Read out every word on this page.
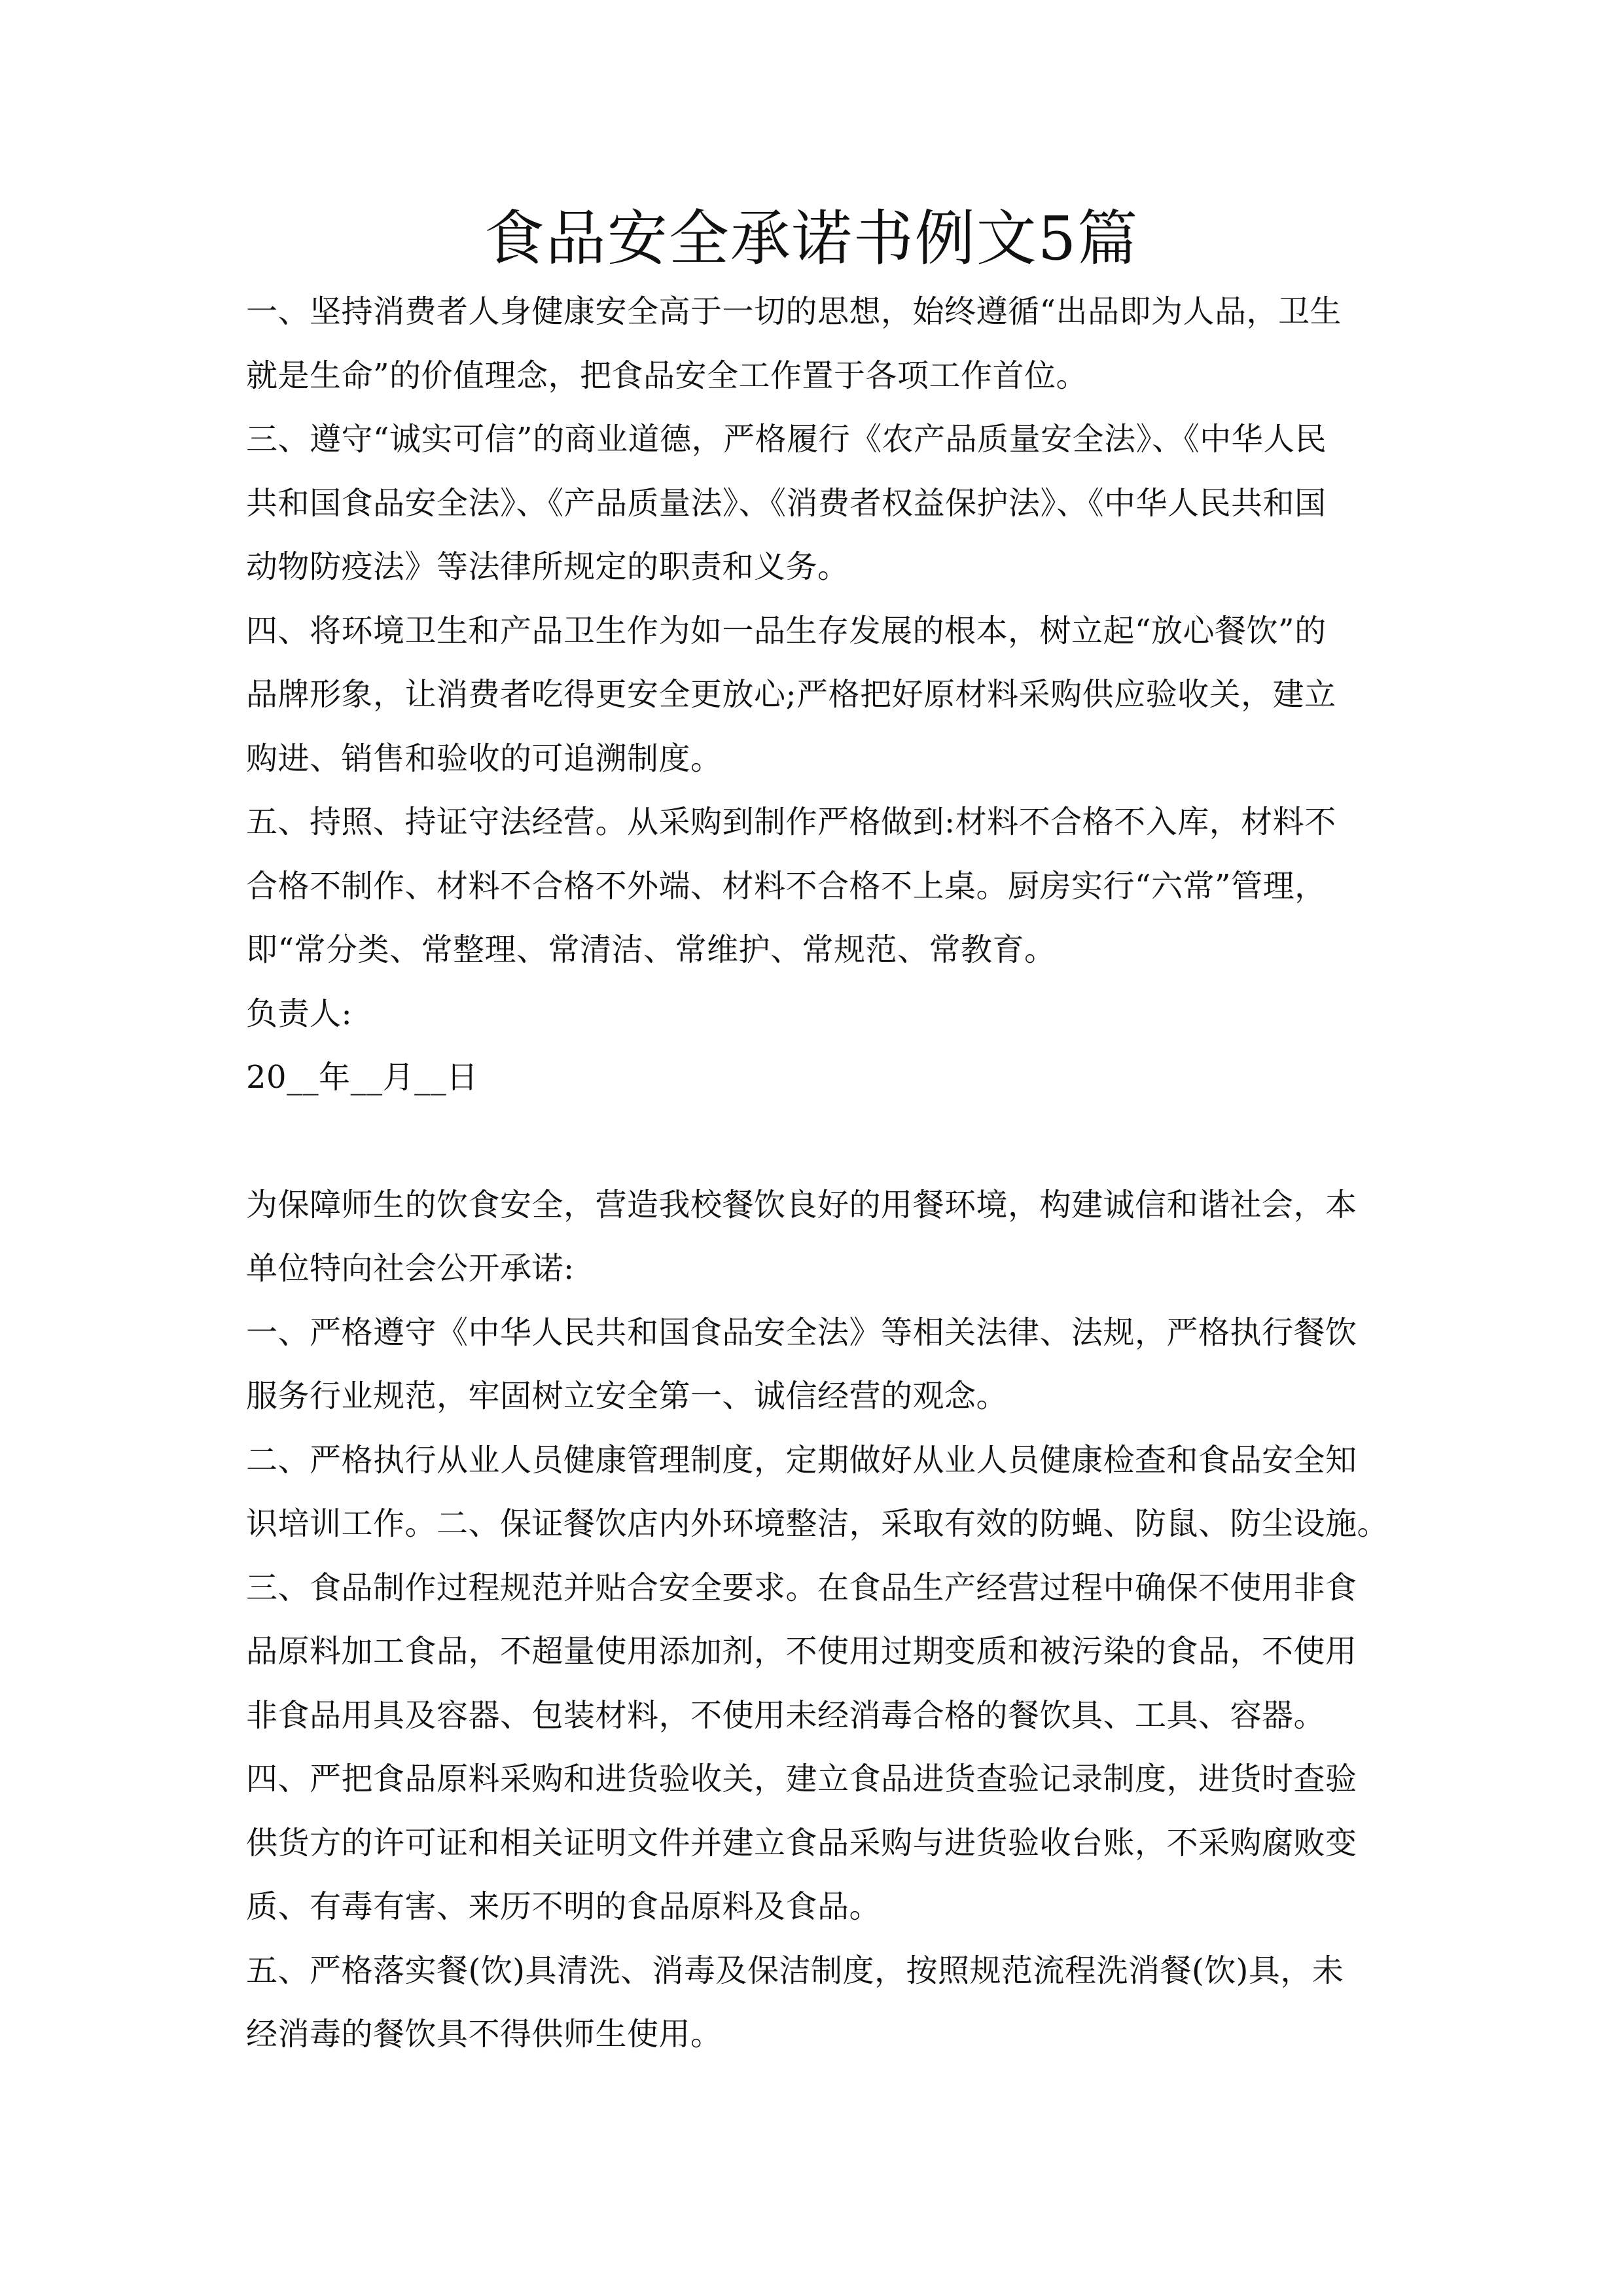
食品安全承诺书例文5篇
一、坚持消费者人身健康安全高于一切的思想，始终遵循“出品即为人品，卫生
就是生命”的价值理念，把食品安全工作置于各项工作首位。
三、遵守“诚实可信”的商业道德，严格履行《农产品质量安全法》、《中华人民
共和国食品安全法》、《产品质量法》、《消费者权益保护法》、《中华人民共和国
动物防疫法》等法律所规定的职责和义务。
四、将环境卫生和产品卫生作为如一品生存发展的根本，树立起“放心餐饮”的
品牌形象，让消费者吃得更安全更放心;严格把好原材料采购供应验收关，建立
购进、销售和验收的可追溯制度。
五、持照、持证守法经营。从采购到制作严格做到:材料不合格不入库，材料不
合格不制作、材料不合格不外端、材料不合格不上桌。厨房实行“六常”管理，
即“常分类、常整理、常清洁、常维护、常规范、常教育。
负责人:
20__年__月__日
为保障师生的饮食安全，营造我校餐饮良好的用餐环境，构建诚信和谐社会，本
单位特向社会公开承诺:
一、严格遵守《中华人民共和国食品安全法》等相关法律、法规，严格执行餐饮
服务行业规范，牢固树立安全第一、诚信经营的观念。
二、严格执行从业人员健康管理制度，定期做好从业人员健康检查和食品安全知
识培训工作。二、保证餐饮店内外环境整洁，采取有效的防蝇、防鼠、防尘设施。
三、食品制作过程规范并贴合安全要求。在食品生产经营过程中确保不使用非食
品原料加工食品，不超量使用添加剂，不使用过期变质和被污染的食品，不使用
非食品用具及容器、包装材料，不使用未经消毒合格的餐饮具、工具、容器。
四、严把食品原料采购和进货验收关，建立食品进货查验记录制度，进货时查验
供货方的许可证和相关证明文件并建立食品采购与进货验收台账，不采购腐败变
质、有毒有害、来历不明的食品原料及食品。
五、严格落实餐(饮)具清洗、消毒及保洁制度，按照规范流程洗消餐(饮)具，未
经消毒的餐饮具不得供师生使用。
